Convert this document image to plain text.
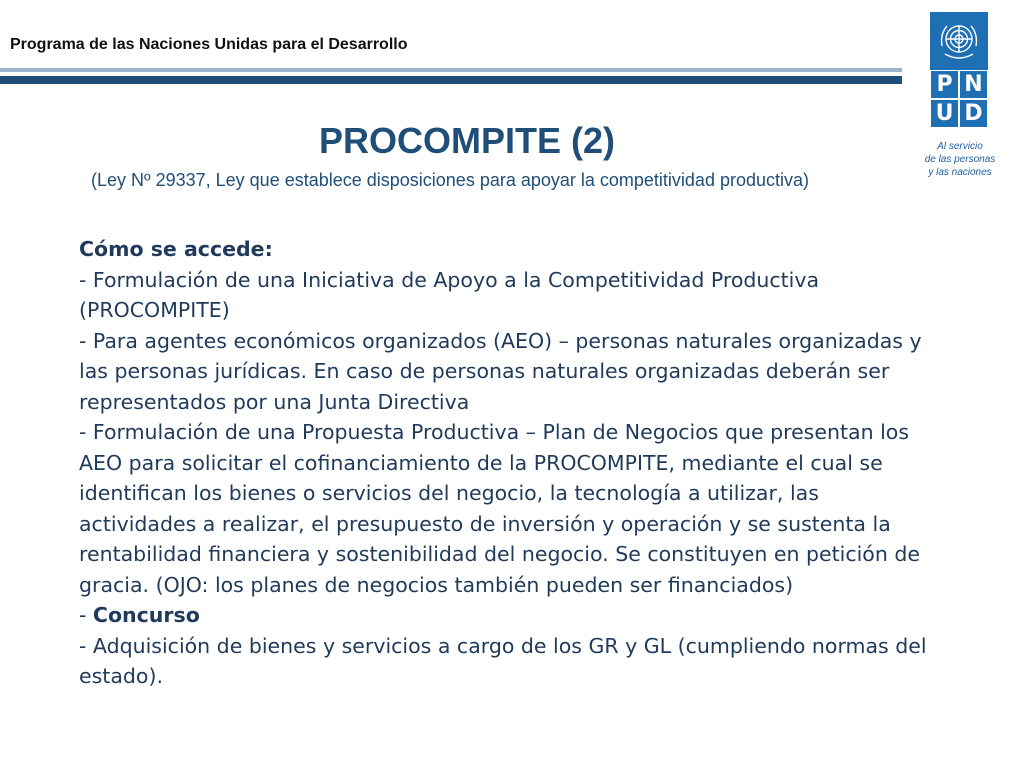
Programa de las Naciones Unidas para el Desarrollo
P N
U D
Al servicio
de las personas
y las naciones
PROCOMPITE (2)
(Ley Nº 29337, Ley que establece disposiciones para apoyar la competitividad productiva)

Cómo se accede:

- Formulación de una Iniciativa de Apoyo a la Competitividad Productiva (PROCOMPITE)

- Para agentes económicos organizados (AEO) – personas naturales organizadas y las personas jurídicas. En caso de personas naturales organizadas deberán ser representados por una Junta Directiva

- Formulación de una Propuesta Productiva – Plan de Negocios que presentan los AEO para solicitar el cofinanciamiento de la PROCOMPITE, mediante el cual se identifican los bienes o servicios del negocio, la tecnología a utilizar, las actividades a realizar, el presupuesto de inversión y operación y se sustenta la rentabilidad financiera y sostenibilidad del negocio. Se constituyen en petición de gracia. (OJO: los planes de negocios también pueden ser financiados)

- Concurso

- Adquisición de bienes y servicios a cargo de los GR y GL (cumpliendo normas del estado).
